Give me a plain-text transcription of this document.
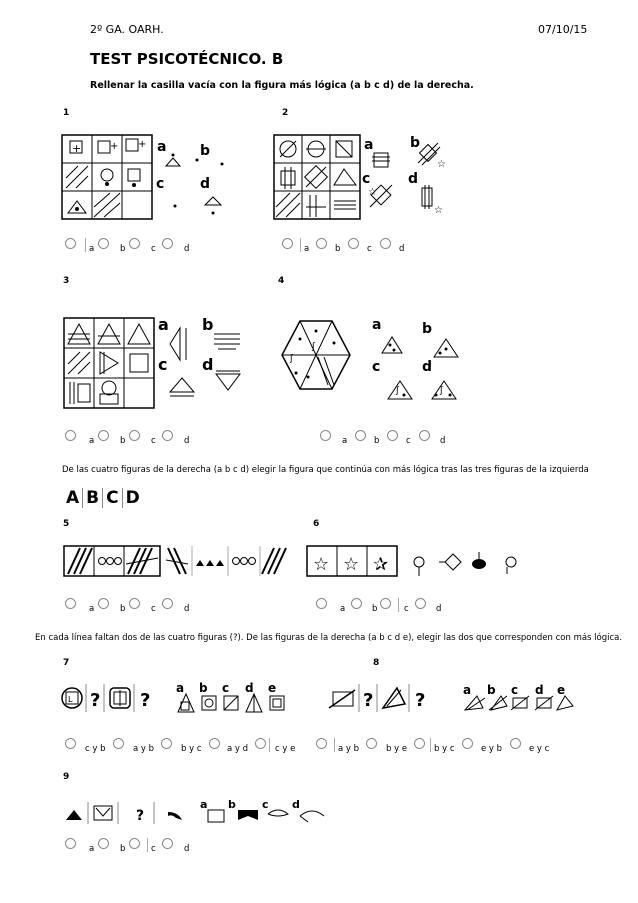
2º GA. OARH.	07/10/15
TEST PSICOTÉCNICO. B
Rellenar la casilla vacía con la figura más lógica (a b c d) de la derecha.
1	2
3	4
+	+ + a b
c	d
a	b
c	d
☆
☆
☆
a b
c d
ʃ
ʃ
a	b
c	d
ʃ	ʃ
a	b	c	d	a	b	c	d
a	b	c	d	a	b	c	d
De las cuatro figuras de la derecha (a b c d) elegir la figura que continúa con más lógica tras las tres figuras de la izquierda
A B C D
5	6
☆ ☆ ✰
a	b	c	d	a	b	c	d
En cada línea faltan dos de las cuatro figuras (?). De las figuras de la derecha (a b c d e), elegir las dos que corresponden con más lógica.
7	8
L ? ?
a b c d e
? ?	a b c d e
c y b	a y b	b y c	a y d	c y e	a y b	b y e	b y c	e y b	e y c
9
?
a b c d
a	b	c	d
